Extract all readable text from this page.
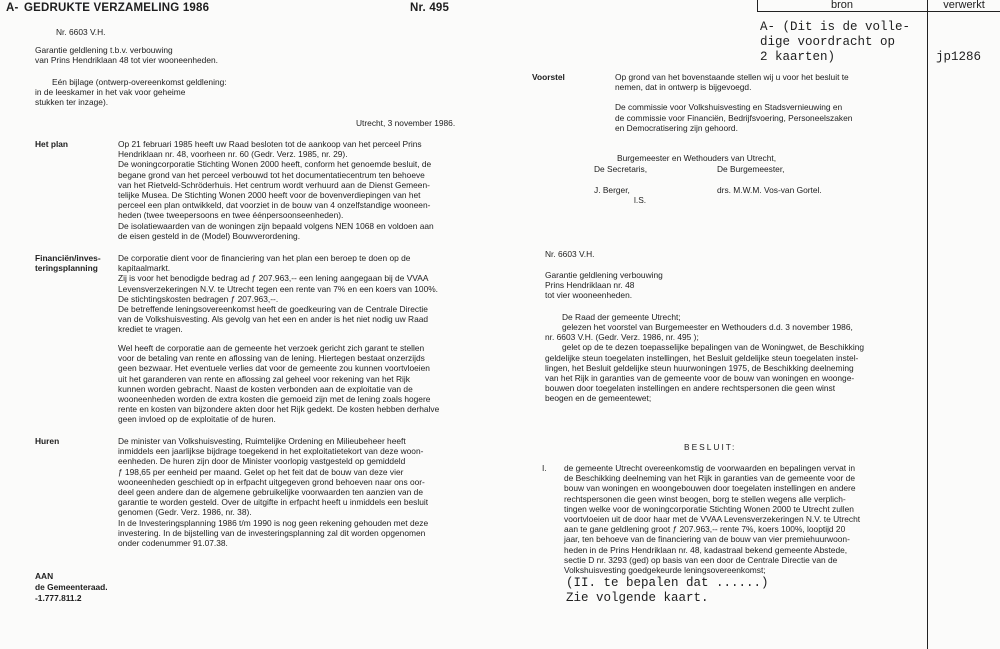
A- GEDRUKTE VERZAMELING 1986	Nr. 495
Nr. 6603 V.H.
Garantie geldlening t.b.v. verbouwing
van Prins Hendriklaan 48 tot vier wooneenheden.
Eén bijlage (ontwerp-overeenkomst geldlening:
in de leeskamer in het vak voor geheime
stukken ter inzage).
Utrecht, 3 november 1986.
Het plan	Op 21 februari 1985 heeft uw Raad besloten tot de aankoop van het perceel Prins
Hendriklaan nr. 48, voorheen nr. 60 (Gedr. Verz. 1985, nr. 29).
De woningcorporatie Stichting Wonen 2000 heeft, conform het genoemde besluit, de
begane grond van het perceel verbouwd tot het documentatiecentrum ten behoeve
van het Rietveld-Schröderhuis. Het centrum wordt verhuurd aan de Dienst Gemeen-
telijke Musea. De Stichting Wonen 2000 heeft voor de bovenverdiepingen van het
perceel een plan ontwikkeld, dat voorziet in de bouw van 4 onzelfstandige wooneen-
heden (twee tweepersoons en twee éénpersoonseenheden).
De isolatiewaarden van de woningen zijn bepaald volgens NEN 1068 en voldoen aan
de eisen gesteld in de (Model) Bouwverordening.
Financiën/inves-
teringsplanning
De corporatie dient voor de financiering van het plan een beroep te doen op de
kapitaalmarkt.
Zij is voor het benodigde bedrag ad ƒ 207.963,-- een lening aangegaan bij de VVAA
Levensverzekeringen N.V. te Utrecht tegen een rente van 7% en een koers van 100%.
De stichtingskosten bedragen ƒ 207.963,--.
De betreffende leningsovereenkomst heeft de goedkeuring van de Centrale Directie
van de Volkshuisvesting. Als gevolg van het een en ander is het niet nodig uw Raad
krediet te vragen.
Wel heeft de corporatie aan de gemeente het verzoek gericht zich garant te stellen
voor de betaling van rente en aflossing van de lening. Hiertegen bestaat onzerzijds
geen bezwaar. Het eventuele verlies dat voor de gemeente zou kunnen voortvloeien
uit het garanderen van rente en aflossing zal geheel voor rekening van het Rijk
kunnen worden gebracht. Naast de kosten verbonden aan de exploitatie van de
wooneenheden worden de extra kosten die gemoeid zijn met de lening zoals hogere
rente en kosten van bijzondere akten door het Rijk gedekt. De kosten hebben derhalve
geen invloed op de exploitatie of de huren.
Huren	De minister van Volkshuisvesting, Ruimtelijke Ordening en Milieubeheer heeft
inmiddels een jaarlijkse bijdrage toegekend in het exploitatietekort van deze woon-
eenheden. De huren zijn door de Minister voorlopig vastgesteld op gemiddeld
ƒ 198,65 per eenheid per maand. Gelet op het feit dat de bouw van deze vier
wooneenheden geschiedt op in erfpacht uitgegeven grond behoeven naar ons oor-
deel geen andere dan de algemene gebruikelijke voorwaarden ten aanzien van de
garantie te worden gesteld. Over de uitgifte in erfpacht heeft u inmiddels een besluit
genomen (Gedr. Verz. 1986, nr. 38).
In de Investeringsplanning 1986 t/m 1990 is nog geen rekening gehouden met deze
investering. In de bijstelling van de investeringsplanning zal dit worden opgenomen
onder codenummer 91.07.38.
AAN
de Gemeenteraad.
-1.777.811.2
bron	verwerkt
A- (Dit is de volle-
dige voordracht op
2 kaarten)	jp1286
Voorstel	Op grond van het bovenstaande stellen wij u voor het besluit te
nemen, dat in ontwerp is bijgevoegd.
De commissie voor Volkshuisvesting en Stadsvernieuwing en
de commissie voor Financiën, Bedrijfsvoering, Personeelszaken
en Democratisering zijn gehoord.
Burgemeester en Wethouders van Utrecht,
De Secretaris,	De Burgemeester,
J. Berger,	drs. M.W.M. Vos-van Gortel.
l.S.
Nr. 6603 V.H.
Garantie geldlening verbouwing
Prins Hendriklaan nr. 48
tot vier wooneenheden.
De Raad der gemeente Utrecht;
gelezen het voorstel van Burgemeester en Wethouders d.d. 3 november 1986,
nr. 6603 V.H. (Gedr. Verz. 1986, nr. 495 );
gelet op de te dezen toepasselijke bepalingen van de Woningwet, de Beschikking
geldelijke steun toegelaten instellingen, het Besluit geldelijke steun toegelaten instel-
lingen, het Besluit geldelijke steun huurwoningen 1975, de Beschikking deelneming
van het Rijk in garanties van de gemeente voor de bouw van woningen en woonge-
bouwen door toegelaten instellingen en andere rechtspersonen die geen winst
beogen en de gemeentewet;
BESLUIT:
I. de gemeente Utrecht overeenkomstig de voorwaarden en bepalingen vervat in
de Beschikking deelneming van het Rijk in garanties van de gemeente voor de
bouw van woningen en woongebouwen door toegelaten instellingen en andere
rechtspersonen die geen winst beogen, borg te stellen wegens alle verplich-
tingen welke voor de woningcorporatie Stichting Wonen 2000 te Utrecht zullen
voortvloeien uit de door haar met de VVAA Levensverzekeringen N.V. te Utrecht
aan te gane geldlening groot ƒ 207.963,-- rente 7%, koers 100%, looptijd 20
jaar, ten behoeve van de financiering van de bouw van vier premiehuurwoon-
heden in de Prins Hendriklaan nr. 48, kadastraal bekend gemeente Abstede,
sectie D nr. 3293 (ged) op basis van een door de Centrale Directie van de
Volkshuisvesting goedgekeurde leningsovereenkomst;
(II. te bepalen dat ......)
Zie volgende kaart.
